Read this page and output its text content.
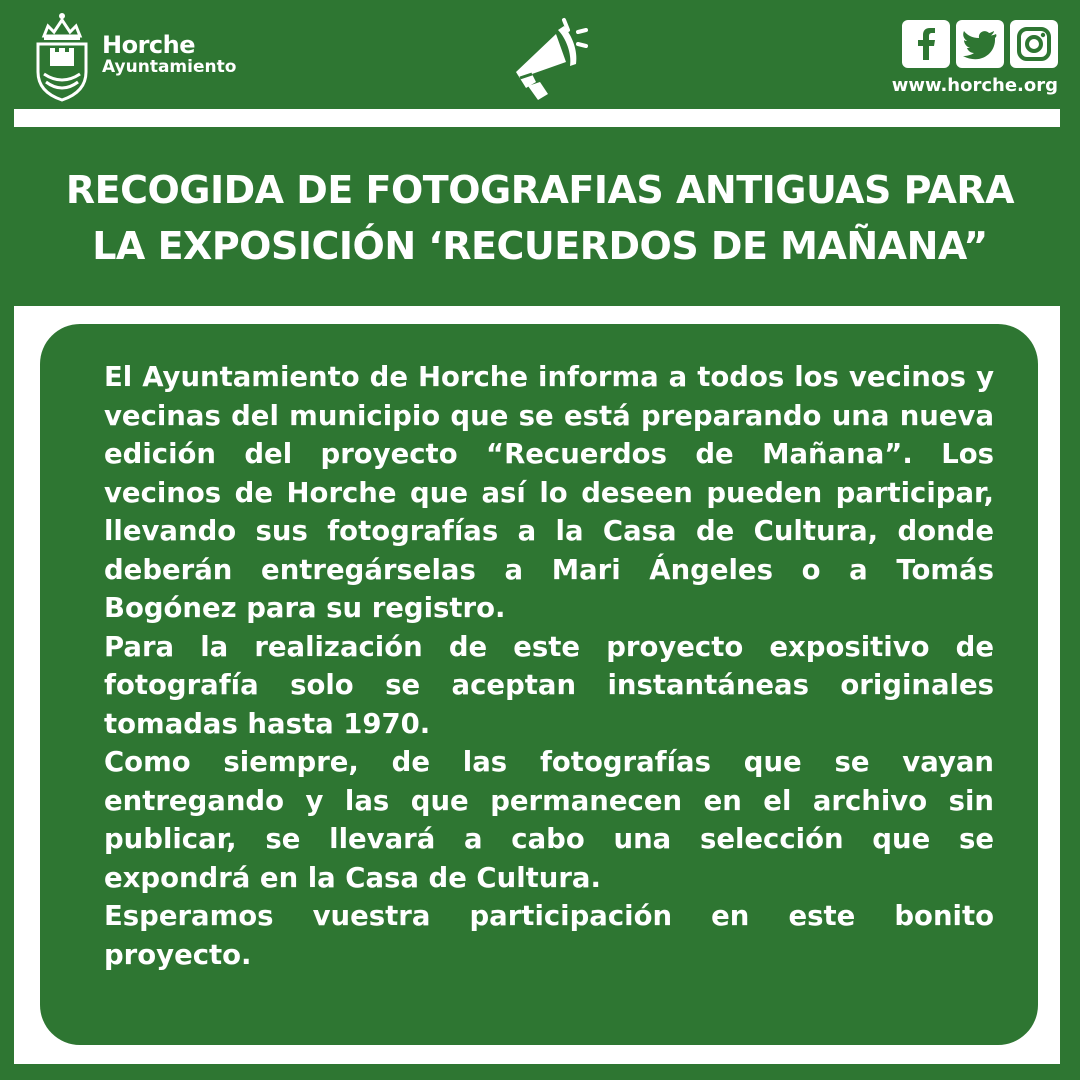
Horche
Ayuntamiento
www.horche.org
RECOGIDA DE FOTOGRAFIAS ANTIGUAS PARA
LA EXPOSICIÓN ‘RECUERDOS DE MAÑANA”

El Ayuntamiento de Horche informa a todos los vecinos y vecinas del municipio que se está preparando una nueva edición del proyecto “Recuerdos de Mañana”. Los vecinos de Horche que así lo deseen pueden participar, llevando sus fotografías a la Casa de Cultura, donde deberán entregárselas a Mari Ángeles o a Tomás Bogónez para su registro.

Para la realización de este proyecto expositivo de fotografía solo se aceptan instantáneas originales tomadas hasta 1970.

Como siempre, de las fotografías que se vayan entregando y las que permanecen en el archivo sin publicar, se llevará a cabo una selección que se expondrá en la Casa de Cultura.

Esperamos vuestra participación en este bonito proyecto.
